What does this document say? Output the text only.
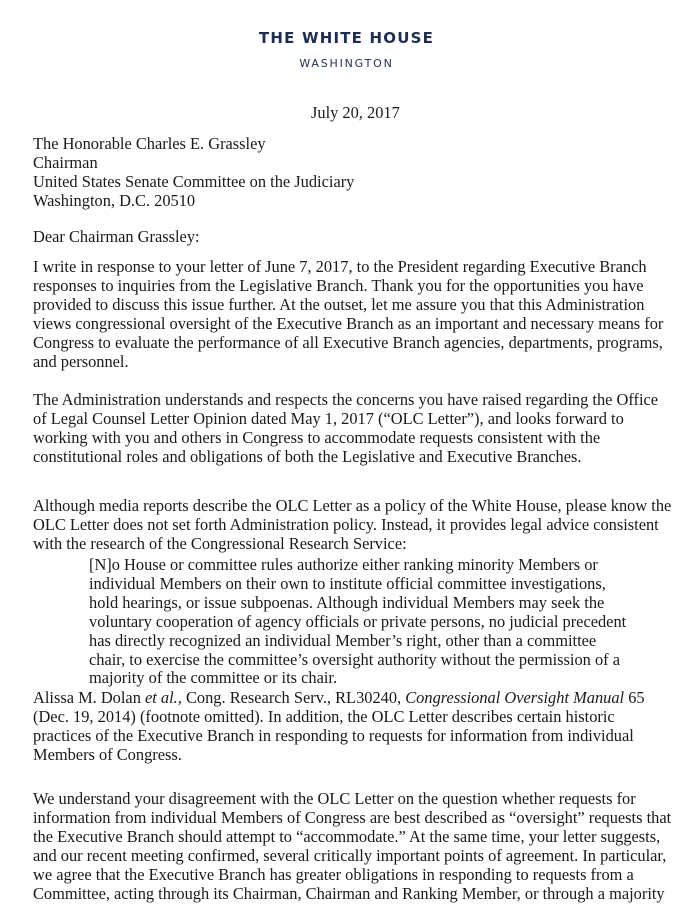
THE WHITE HOUSE
WASHINGTON
July 20, 2017
The Honorable Charles E. Grassley
Chairman
United States Senate Committee on the Judiciary
Washington, D.C. 20510
Dear Chairman Grassley:
I write in response to your letter of June 7, 2017, to the President regarding Executive Branch
responses to inquiries from the Legislative Branch. Thank you for the opportunities you have
provided to discuss this issue further. At the outset, let me assure you that this Administration
views congressional oversight of the Executive Branch as an important and necessary means for
Congress to evaluate the performance of all Executive Branch agencies, departments, programs,
and personnel.
The Administration understands and respects the concerns you have raised regarding the Office
of Legal Counsel Letter Opinion dated May 1, 2017 (“OLC Letter”), and looks forward to
working with you and others in Congress to accommodate requests consistent with the
constitutional roles and obligations of both the Legislative and Executive Branches.
Although media reports describe the OLC Letter as a policy of the White House, please know the
OLC Letter does not set forth Administration policy. Instead, it provides legal advice consistent
with the research of the Congressional Research Service:
[N]o House or committee rules authorize either ranking minority Members or
individual Members on their own to institute official committee investigations,
hold hearings, or issue subpoenas. Although individual Members may seek the
voluntary cooperation of agency officials or private persons, no judicial precedent
has directly recognized an individual Member’s right, other than a committee
chair, to exercise the committee’s oversight authority without the permission of a
majority of the committee or its chair.
Alissa M. Dolan et al., Cong. Research Serv., RL30240, Congressional Oversight Manual 65
(Dec. 19, 2014) (footnote omitted). In addition, the OLC Letter describes certain historic
practices of the Executive Branch in responding to requests for information from individual
Members of Congress.
We understand your disagreement with the OLC Letter on the question whether requests for
information from individual Members of Congress are best described as “oversight” requests that
the Executive Branch should attempt to “accommodate.” At the same time, your letter suggests,
and our recent meeting confirmed, several critically important points of agreement. In particular,
we agree that the Executive Branch has greater obligations in responding to requests from a
Committee, acting through its Chairman, Chairman and Ranking Member, or through a majority
